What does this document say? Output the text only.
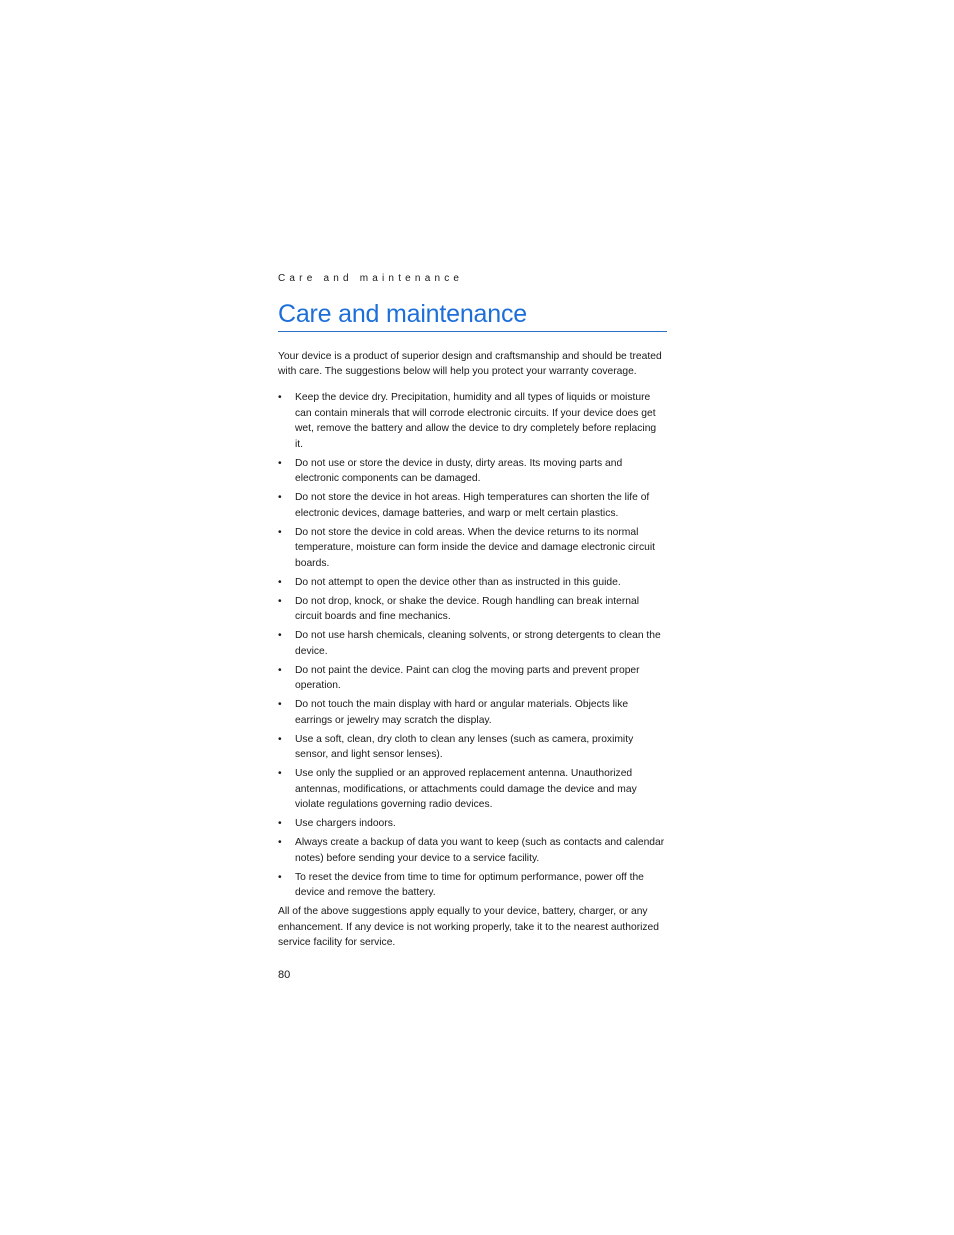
Care and maintenance
Care and maintenance

Your device is a product of superior design and craftsmanship and should be treated with care. The suggestions below will help you protect your warranty coverage.

• Keep the device dry. Precipitation, humidity and all types of liquids or moisture can contain minerals that will corrode electronic circuits. If your device does get wet, remove the battery and allow the device to dry completely before replacing it.
• Do not use or store the device in dusty, dirty areas. Its moving parts and electronic components can be damaged.
• Do not store the device in hot areas. High temperatures can shorten the life of electronic devices, damage batteries, and warp or melt certain plastics.
• Do not store the device in cold areas. When the device returns to its normal temperature, moisture can form inside the device and damage electronic circuit boards.
• Do not attempt to open the device other than as instructed in this guide.
• Do not drop, knock, or shake the device. Rough handling can break internal circuit boards and fine mechanics.
• Do not use harsh chemicals, cleaning solvents, or strong detergents to clean the device.
• Do not paint the device. Paint can clog the moving parts and prevent proper operation.
• Do not touch the main display with hard or angular materials. Objects like earrings or jewelry may scratch the display.
• Use a soft, clean, dry cloth to clean any lenses (such as camera, proximity sensor, and light sensor lenses).
• Use only the supplied or an approved replacement antenna. Unauthorized antennas, modifications, or attachments could damage the device and may violate regulations governing radio devices.
• Use chargers indoors.
• Always create a backup of data you want to keep (such as contacts and calendar notes) before sending your device to a service facility.
• To reset the device from time to time for optimum performance, power off the device and remove the battery.

All of the above suggestions apply equally to your device, battery, charger, or any enhancement. If any device is not working properly, take it to the nearest authorized service facility for service.

80
